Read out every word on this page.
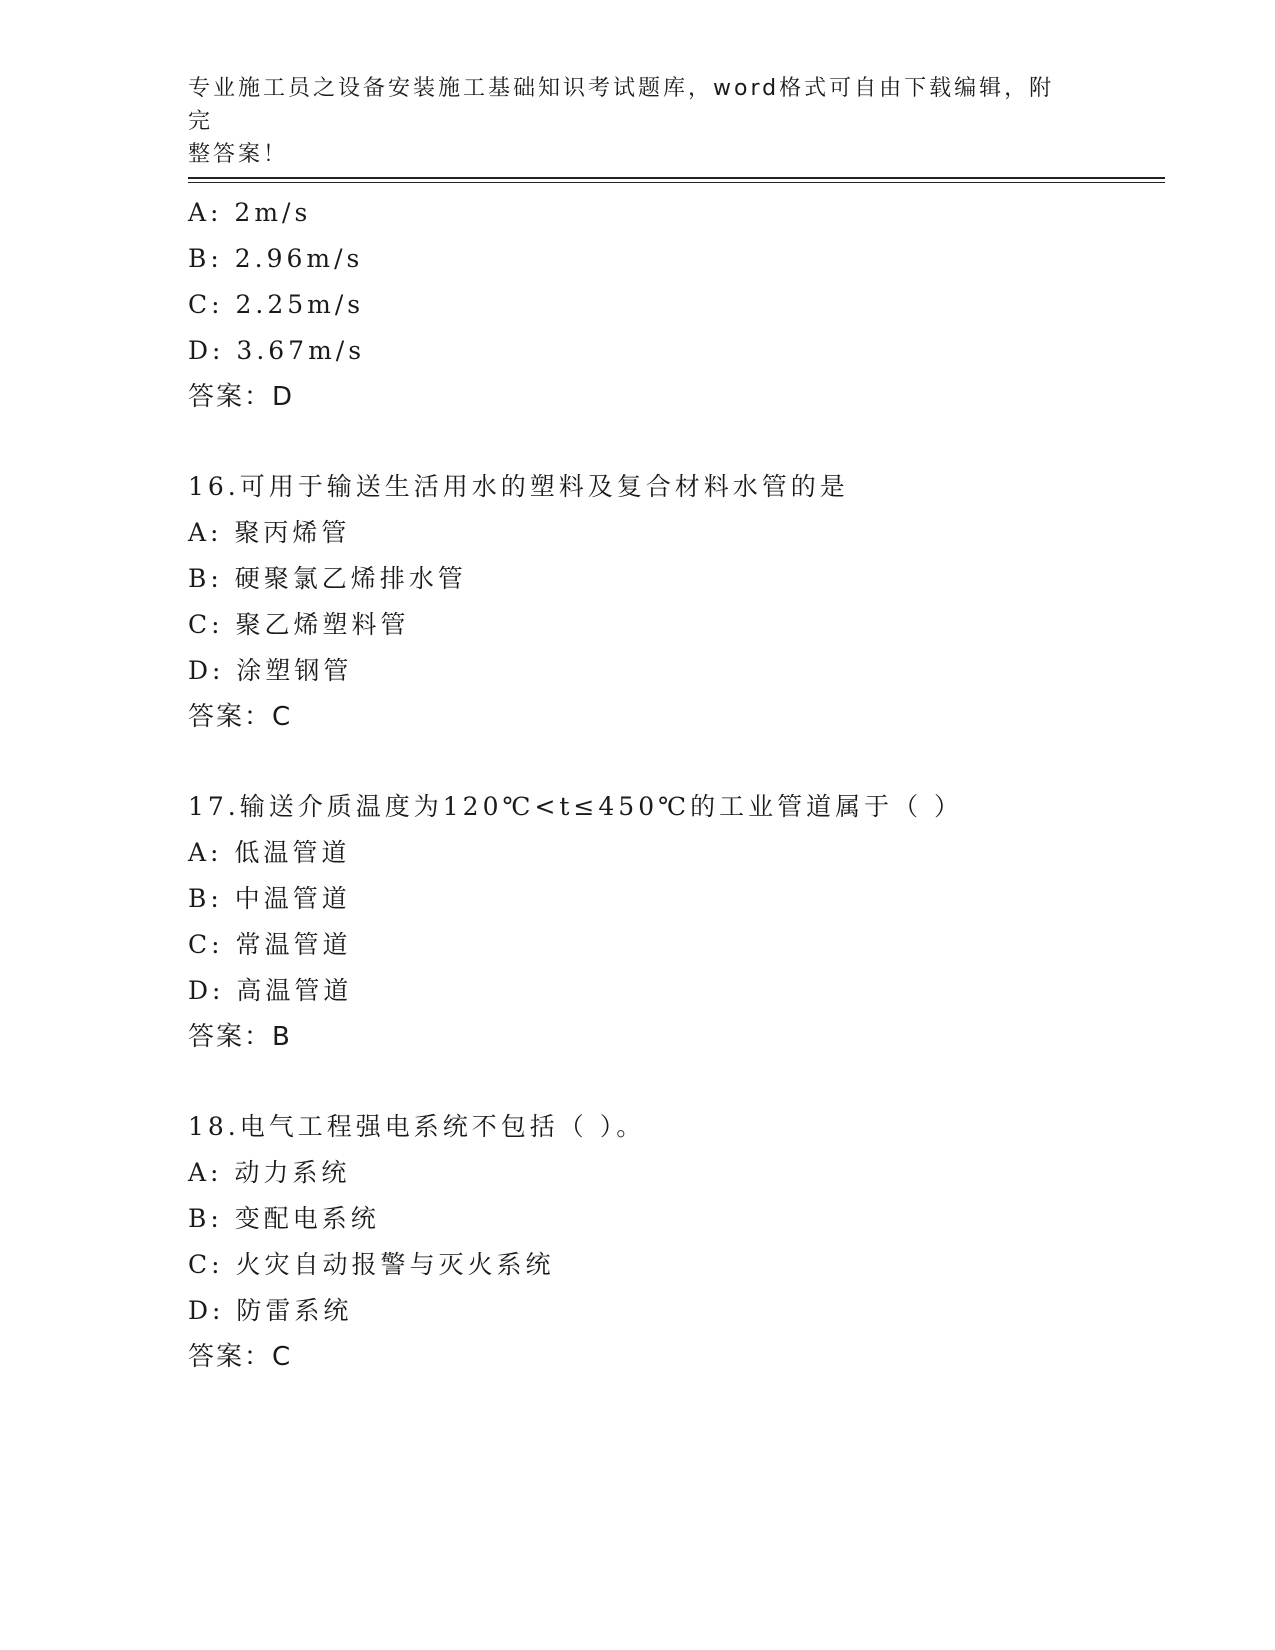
专业施工员之设备安装施工基础知识考试题库，word格式可自由下载编辑，附完
整答案！
A: 2m/s
B: 2.96m/s
C: 2.25m/s
D: 3.67m/s
答案：D
16.可用于输送生活用水的塑料及复合材料水管的是
A: 聚丙烯管
B: 硬聚氯乙烯排水管
C: 聚乙烯塑料管
D: 涂塑钢管
答案：C
17.输送介质温度为120℃<t≤450℃的工业管道属于（ ）
A: 低温管道
B: 中温管道
C: 常温管道
D: 高温管道
答案：B
18.电气工程强电系统不包括（ ）。
A: 动力系统
B: 变配电系统
C: 火灾自动报警与灭火系统
D: 防雷系统
答案：C
